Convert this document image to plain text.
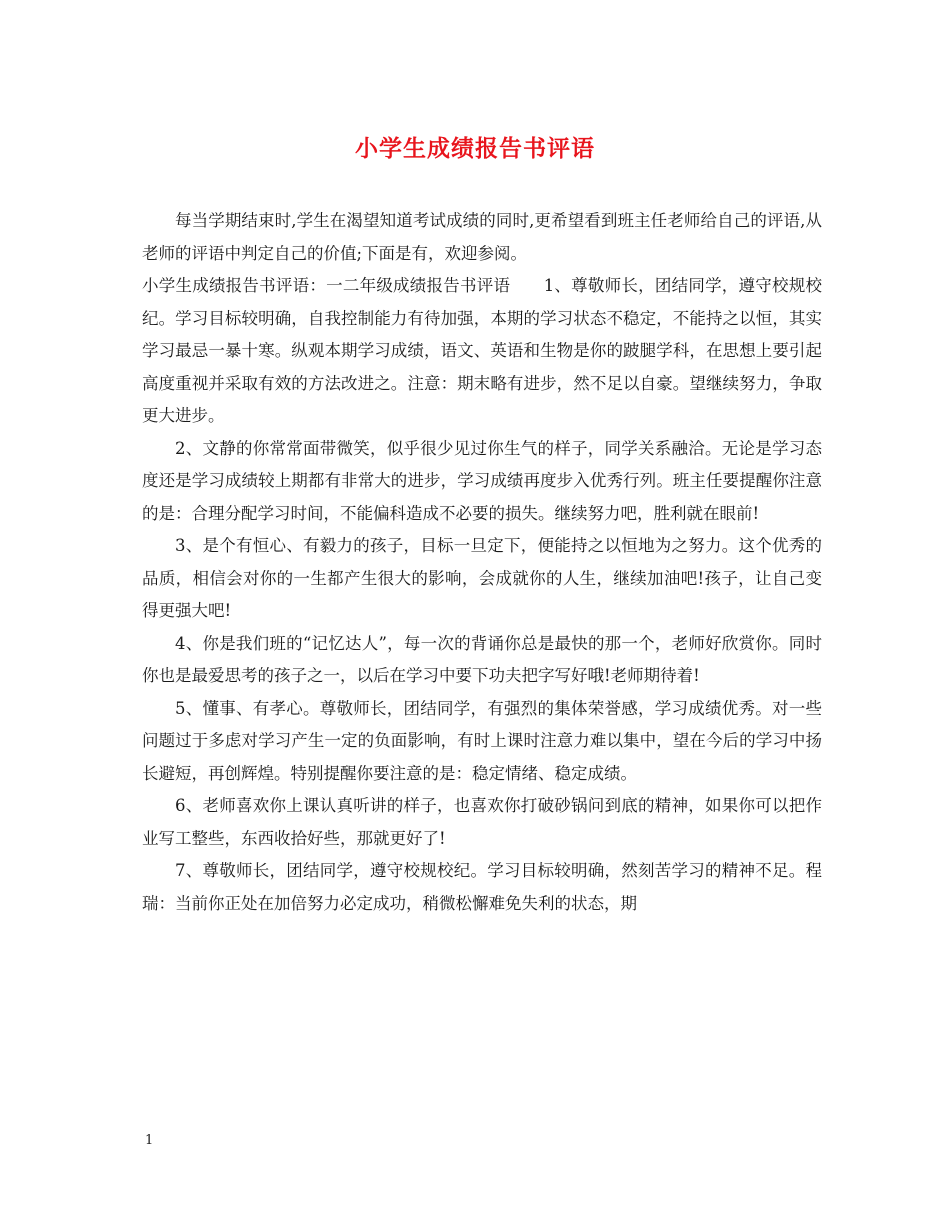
小学生成绩报告书评语

每当学期结束时,学生在渴望知道考试成绩的同时,更希望看到班主任老师给自己的评语,从老师的评语中判定自己的价值;下面是有，欢迎参阅。

小学生成绩报告书评语：一二年级成绩报告书评语　　1、尊敬师长，团结同学，遵守校规校纪。学习目标较明确，自我控制能力有待加强，本期的学习状态不稳定，不能持之以恒，其实学习最忌一暴十寒。纵观本期学习成绩，语文、英语和生物是你的跛腿学科，在思想上要引起高度重视并采取有效的方法改进之。注意：期末略有进步，然不足以自豪。望继续努力，争取更大进步。

2、文静的你常常面带微笑，似乎很少见过你生气的样子，同学关系融洽。无论是学习态度还是学习成绩较上期都有非常大的进步，学习成绩再度步入优秀行列。班主任要提醒你注意的是：合理分配学习时间，不能偏科造成不必要的损失。继续努力吧，胜利就在眼前!

3、是个有恒心、有毅力的孩子，目标一旦定下，便能持之以恒地为之努力。这个优秀的品质，相信会对你的一生都产生很大的影响，会成就你的人生，继续加油吧!孩子，让自己变得更强大吧!

4、你是我们班的“记忆达人”，每一次的背诵你总是最快的那一个，老师好欣赏你。同时你也是最爱思考的孩子之一，以后在学习中要下功夫把字写好哦!老师期待着!

5、懂事、有孝心。尊敬师长，团结同学，有强烈的集体荣誉感，学习成绩优秀。对一些问题过于多虑对学习产生一定的负面影响，有时上课时注意力难以集中，望在今后的学习中扬长避短，再创辉煌。特别提醒你要注意的是：稳定情绪、稳定成绩。

6、老师喜欢你上课认真听讲的样子，也喜欢你打破砂锅问到底的精神，如果你可以把作业写工整些，东西收拾好些，那就更好了!

7、尊敬师长，团结同学，遵守校规校纪。学习目标较明确，然刻苦学习的精神不足。程瑞：当前你正处在加倍努力必定成功，稍微松懈难免失利的状态，期

1
